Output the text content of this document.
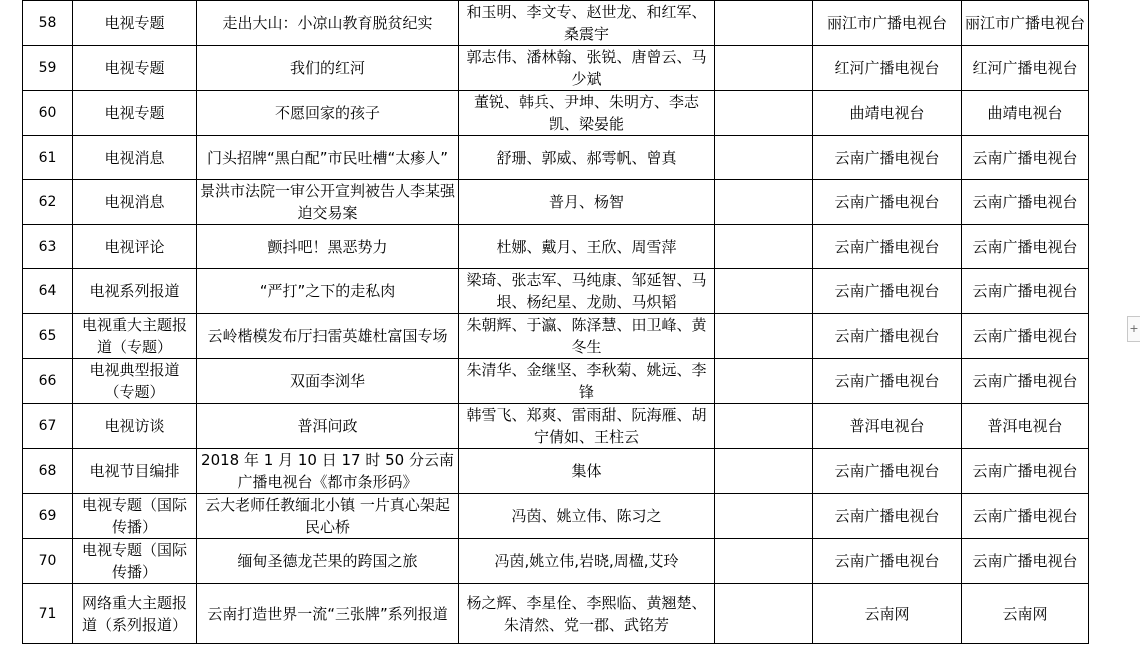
58	电视专题	走出大山：小凉山教育脱贫纪实	和玉明、李文专、赵世龙、和红军、桑震宇		丽江市广播电视台	丽江市广播电视台
59	电视专题	我们的红河	郭志伟、潘林翰、张锐、唐曾云、马少斌		红河广播电视台	红河广播电视台
60	电视专题	不愿回家的孩子	董锐、韩兵、尹坤、朱明方、李志凯、梁晏能		曲靖电视台	曲靖电视台
61	电视消息	门头招牌“黑白配”市民吐槽“太瘆人”	舒珊、郭威、郝雩帆、曾真		云南广播电视台	云南广播电视台
62	电视消息	景洪市法院一审公开宣判被告人李某强迫交易案	普月、杨智		云南广播电视台	云南广播电视台
63	电视评论	颤抖吧！黑恶势力	杜娜、戴月、王欣、周雪萍		云南广播电视台	云南广播电视台
64	电视系列报道	“严打”之下的走私肉	梁琦、张志军、马纯康、邹延智、马垠、杨纪星、龙勋、马炽韬		云南广播电视台	云南广播电视台
65	电视重大主题报道（专题）	云岭楷模发布厅扫雷英雄杜富国专场	朱朝辉、于瀛、陈泽慧、田卫峰、黄冬生		云南广播电视台	云南广播电视台
66	电视典型报道（专题）	双面李浏华	朱清华、金继坚、李秋菊、姚远、李锋		云南广播电视台	云南广播电视台
67	电视访谈	普洱问政	韩雪飞、郑爽、雷雨甜、阮海雁、胡宁倩如、王柱云		普洱电视台	普洱电视台
68	电视节目编排	2018 年 1 月 10 日 17 时 50 分云南广播电视台《都市条形码》	集体		云南广播电视台	云南广播电视台
69	电视专题（国际传播）	云大老师任教缅北小镇 一片真心架起民心桥	冯茵、姚立伟、陈习之		云南广播电视台	云南广播电视台
70	电视专题（国际传播）	缅甸圣德龙芒果的跨国之旅	冯茵,姚立伟,岩晓,周楹,艾玲		云南广播电视台	云南广播电视台
71	网络重大主题报道（系列报道）	云南打造世界一流“三张牌”系列报道	杨之辉、李星佺、李熙临、黄翘楚、朱清然、党一郡、武铭芳		云南网	云南网
+
